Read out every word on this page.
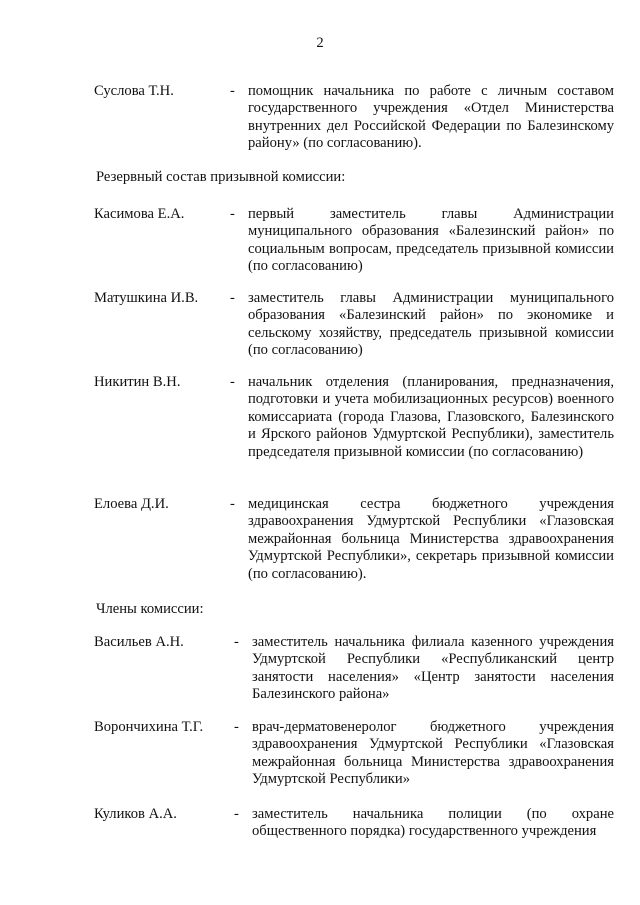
2
Суслова Т.Н.	- помощник начальника по работе с личным составом государственного учреждения «Отдел Министерства внутренних дел Российской Федерации по Балезинскому району» (по согласованию).
Резервный состав призывной комиссии:
Касимова Е.А.	- первый заместитель главы Администрации муниципального образования «Балезинский район» по социальным вопросам, председатель призывной комиссии (по согласованию)
Матушкина И.В. - заместитель главы Администрации муниципального образования «Балезинский район» по экономике и сельскому хозяйству, председатель призывной комиссии (по согласованию)
Никитин В.Н.	- начальник отделения (планирования, предназначения, подготовки и учета мобилизационных ресурсов) военного комиссариата (города Глазова, Глазовского, Балезинского и Ярского районов Удмуртской Республики), заместитель председателя призывной комиссии (по согласованию)
Елоева Д.И.	- медицинская сестра бюджетного учреждения здравоохранения Удмуртской Республики «Глазовская межрайонная больница Министерства здравоохранения Удмуртской Республики», секретарь призывной комиссии (по согласованию).
Члены комиссии:
Васильев А.Н.	- заместитель начальника филиала казенного учреждения Удмуртской Республики «Республиканский центр занятости населения» «Центр занятости населения Балезинского района»
Ворончихина Т.Г. - врач-дерматовенеролог бюджетного учреждения здравоохранения Удмуртской Республики «Глазовская межрайонная больница Министерства здравоохранения Удмуртской Республики»
Куликов А.А.	- заместитель начальника полиции (по охране общественного порядка) государственного учреждения
